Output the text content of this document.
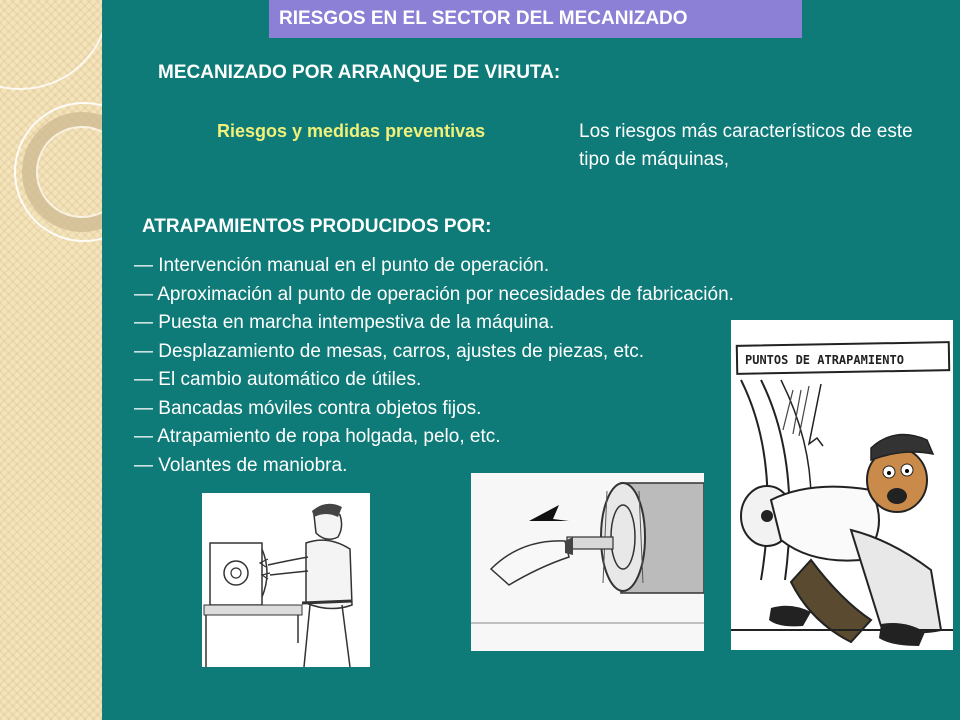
RIESGOS EN EL SECTOR DEL MECANIZADO
MECANIZADO POR ARRANQUE DE VIRUTA:
Riesgos y medidas preventivas	Los riesgos más característicos de este tipo de máquinas,
ATRAPAMIENTOS PRODUCIDOS POR:
— Intervención manual en el punto de operación.
— Aproximación al punto de operación por necesidades de fabricación.
— Puesta en marcha intempestiva de la máquina.
— Desplazamiento de mesas, carros, ajustes de piezas, etc.
— El cambio automático de útiles.
— Bancadas móviles contra objetos fijos.
— Atrapamiento de ropa holgada, pelo, etc.
— Volantes de maniobra.
PUNTOS DE ATRAPAMIENTO
